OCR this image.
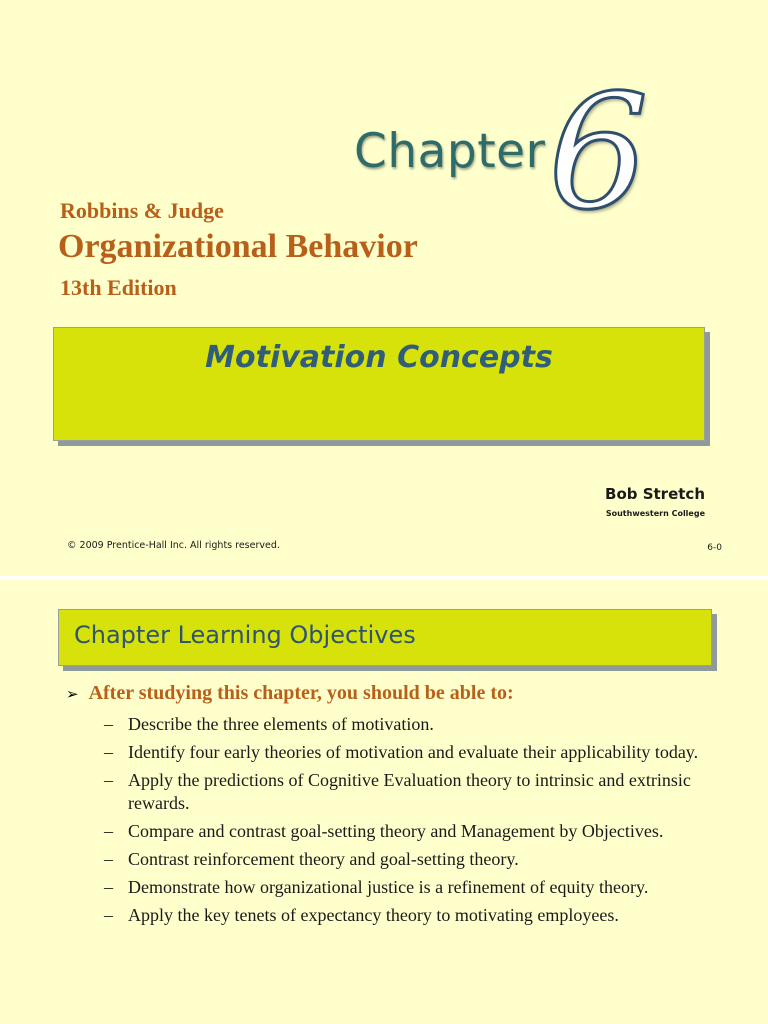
Chapter 6
Robbins & Judge
Organizational Behavior
13th Edition
Motivation Concepts
Bob Stretch
Southwestern College
© 2009 Prentice-Hall Inc. All rights reserved.	6-0
Chapter Learning Objectives
➢ After studying this chapter, you should be able to:
– Describe the three elements of motivation.
– Identify four early theories of motivation and evaluate their applicability today.
– Apply the predictions of Cognitive Evaluation theory to intrinsic and extrinsic rewards.
– Compare and contrast goal-setting theory and Management by Objectives.
– Contrast reinforcement theory and goal-setting theory.
– Demonstrate how organizational justice is a refinement of equity theory.
– Apply the key tenets of expectancy theory to motivating employees.
